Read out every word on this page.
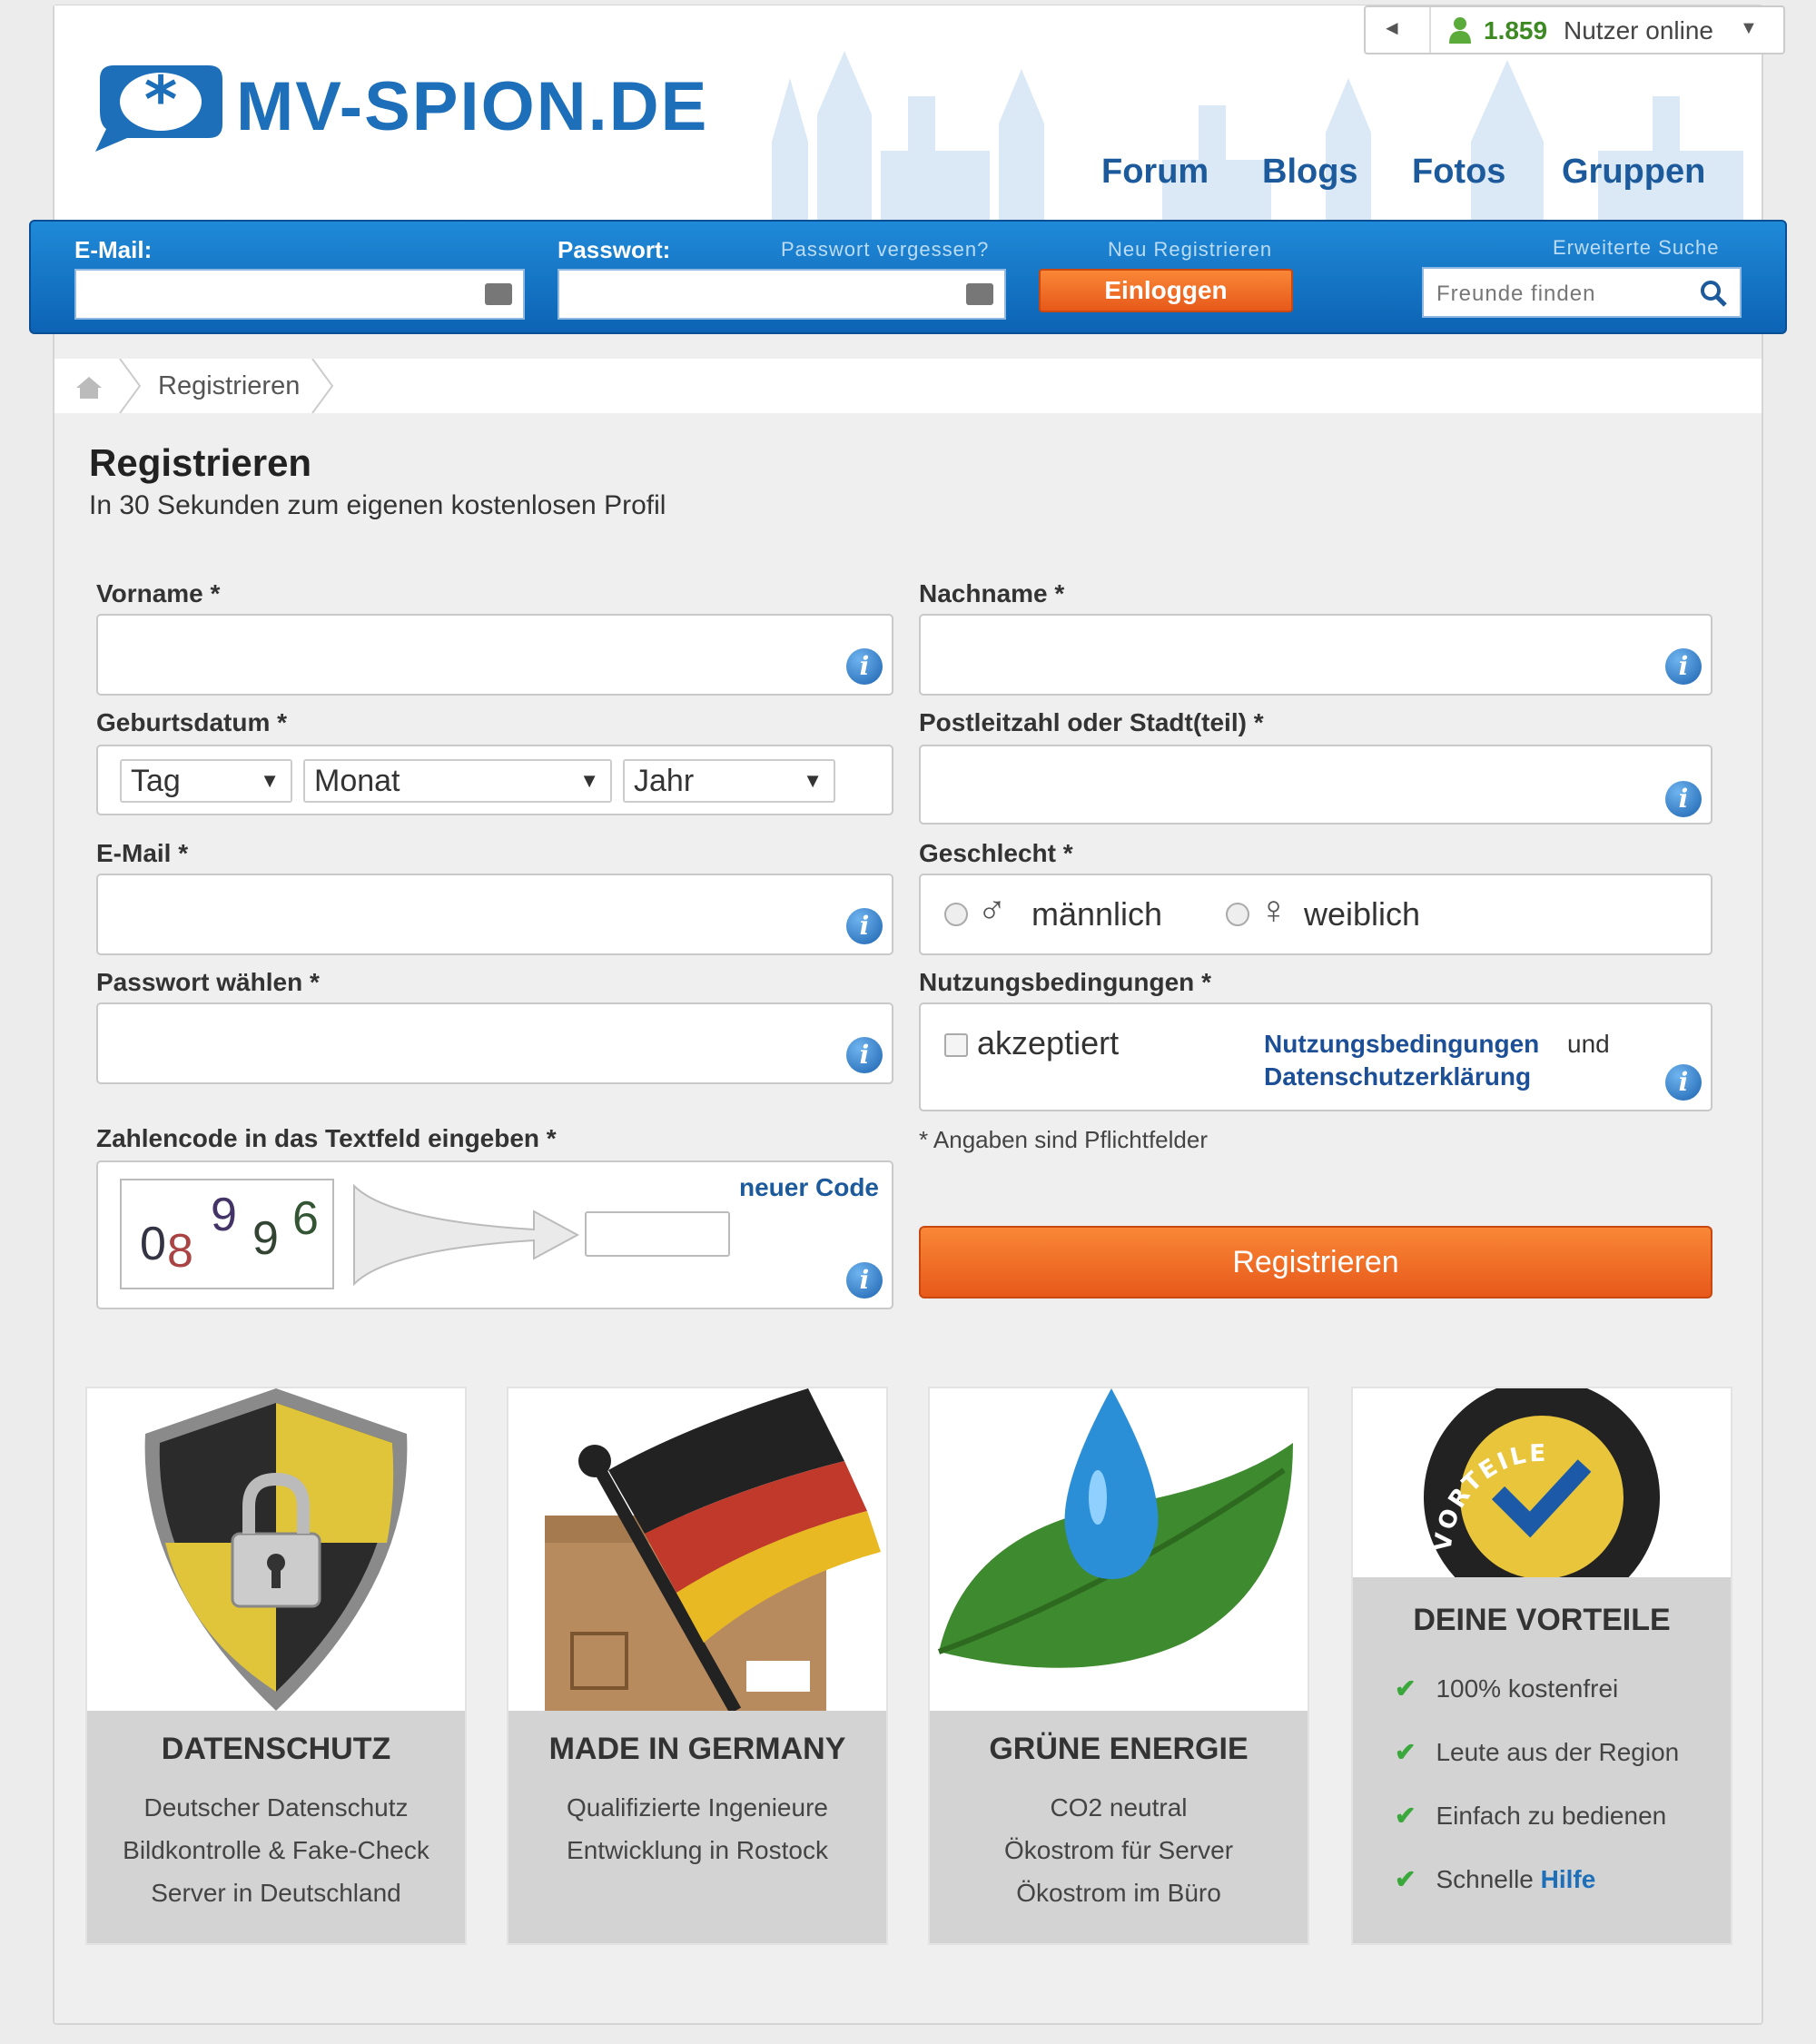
* MV-SPION.DE
Forum Blogs Fotos Gruppen
◄	1.859 Nutzer online ▼
E-Mail:	Passwort:	Passwort vergessen?	Neu Registrieren
Einloggen
Erweiterte Suche
Freunde finden
Registrieren
Registrieren
In 30 Sekunden zum eigenen kostenlosen Profil
Vorname *
i
Nachname *
i
Geburtsdatum *
Tag	▼	Monat	▼	Jahr	▼
Postleitzahl oder Stadt(teil) *
i
E-Mail *
i
Geschlecht *
♂ männlich ♀ weiblich
Passwort wählen *
i
Nutzungsbedingungen *
akzeptiert	Nutzungsbedingungen und
Datenschutzerklärung	i
Zahlencode in das Textfeld eingeben *
0 8
9 9 6
neuer Code
i
* Angaben sind Pflichtfelder
Registrieren
DATENSCHUTZ
Deutscher Datenschutz
Bildkontrolle & Fake-Check
Server in Deutschland
MADE IN GERMANY
Qualifizierte Ingenieure
Entwicklung in Rostock
GRÜNE ENERGIE
CO2 neutral
Ökostrom für Server
Ökostrom im Büro
VORTEILE
DEINE VORTEILE
✔ 100% kostenfrei
✔ Leute aus der Region
✔ Einfach zu bedienen
✔ Schnelle Hilfe
